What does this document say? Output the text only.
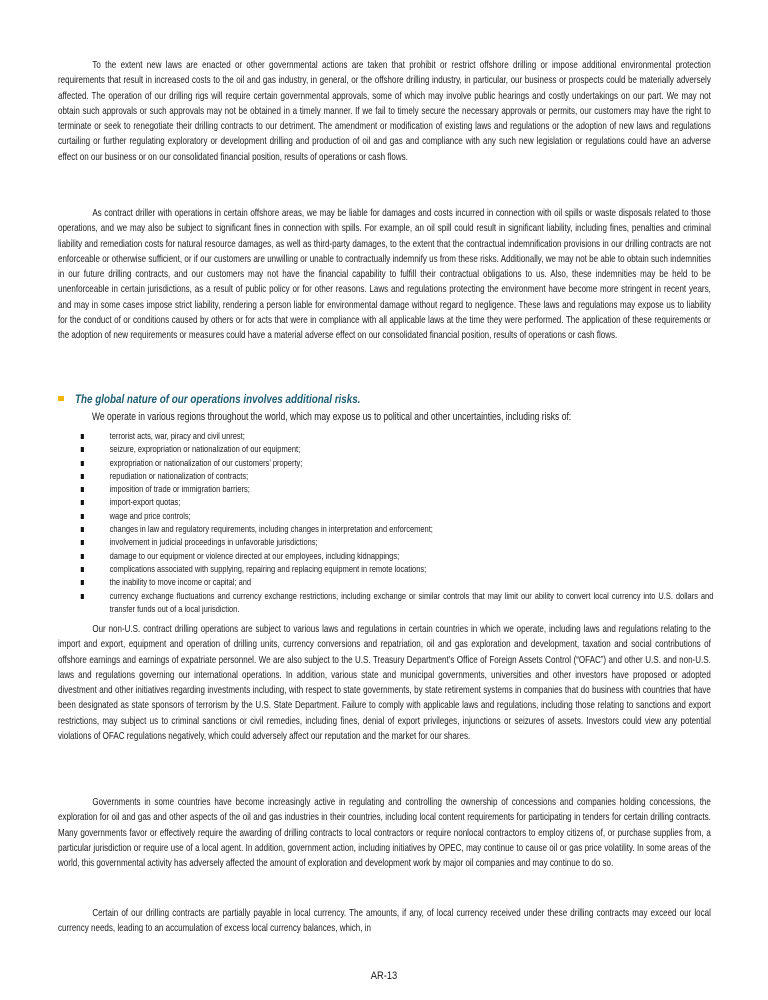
To the extent new laws are enacted or other governmental actions are taken that prohibit or restrict offshore drilling or impose additional environmental protection requirements that result in increased costs to the oil and gas industry, in general, or the offshore drilling industry, in particular, our business or prospects could be materially adversely affected. The operation of our drilling rigs will require certain governmental approvals, some of which may involve public hearings and costly undertakings on our part. We may not obtain such approvals or such approvals may not be obtained in a timely manner. If we fail to timely secure the necessary approvals or permits, our customers may have the right to terminate or seek to renegotiate their drilling contracts to our detriment. The amendment or modification of existing laws and regulations or the adoption of new laws and regulations curtailing or further regulating exploratory or development drilling and production of oil and gas and compliance with any such new legislation or regulations could have an adverse effect on our business or on our consolidated financial position, results of operations or cash flows.

As contract driller with operations in certain offshore areas, we may be liable for damages and costs incurred in connection with oil spills or waste disposals related to those operations, and we may also be subject to significant fines in connection with spills. For example, an oil spill could result in significant liability, including fines, penalties and criminal liability and remediation costs for natural resource damages, as well as third-party damages, to the extent that the contractual indemnification provisions in our drilling contracts are not enforceable or otherwise sufficient, or if our customers are unwilling or unable to contractually indemnify us from these risks. Additionally, we may not be able to obtain such indemnities in our future drilling contracts, and our customers may not have the financial capability to fulfill their contractual obligations to us. Also, these indemnities may be held to be unenforceable in certain jurisdictions, as a result of public policy or for other reasons. Laws and regulations protecting the environment have become more stringent in recent years, and may in some cases impose strict liability, rendering a person liable for environmental damage without regard to negligence. These laws and regulations may expose us to liability for the conduct of or conditions caused by others or for acts that were in compliance with all applicable laws at the time they were performed. The application of these requirements or the adoption of new requirements or measures could have a material adverse effect on our consolidated financial position, results of operations or cash flows.

The global nature of our operations involves additional risks.
We operate in various regions throughout the world, which may expose us to political and other uncertainties, including risks of:
terrorist acts, war, piracy and civil unrest;
seizure, expropriation or nationalization of our equipment;
expropriation or nationalization of our customers’ property;
repudiation or nationalization of contracts;
imposition of trade or immigration barriers;
import-export quotas;
wage and price controls;
changes in law and regulatory requirements, including changes in interpretation and enforcement;
involvement in judicial proceedings in unfavorable jurisdictions;
damage to our equipment or violence directed at our employees, including kidnappings;
complications associated with supplying, repairing and replacing equipment in remote locations;
the inability to move income or capital; and
currency exchange fluctuations and currency exchange restrictions, including exchange or similar controls that may limit our ability to convert local currency into U.S. dollars and transfer funds out of a local jurisdiction.

Our non-U.S. contract drilling operations are subject to various laws and regulations in certain countries in which we operate, including laws and regulations relating to the import and export, equipment and operation of drilling units, currency conversions and repatriation, oil and gas exploration and development, taxation and social contributions of offshore earnings and earnings of expatriate personnel. We are also subject to the U.S. Treasury Department’s Office of Foreign Assets Control (“OFAC”) and other U.S. and non-U.S. laws and regulations governing our international operations. In addition, various state and municipal governments, universities and other investors have proposed or adopted divestment and other initiatives regarding investments including, with respect to state governments, by state retirement systems in companies that do business with countries that have been designated as state sponsors of terrorism by the U.S. State Department. Failure to comply with applicable laws and regulations, including those relating to sanctions and export restrictions, may subject us to criminal sanctions or civil remedies, including fines, denial of export privileges, injunctions or seizures of assets. Investors could view any potential violations of OFAC regulations negatively, which could adversely affect our reputation and the market for our shares.

Governments in some countries have become increasingly active in regulating and controlling the ownership of concessions and companies holding concessions, the exploration for oil and gas and other aspects of the oil and gas industries in their countries, including local content requirements for participating in tenders for certain drilling contracts. Many governments favor or effectively require the awarding of drilling contracts to local contractors or require nonlocal contractors to employ citizens of, or purchase supplies from, a particular jurisdiction or require use of a local agent. In addition, government action, including initiatives by OPEC, may continue to cause oil or gas price volatility. In some areas of the world, this governmental activity has adversely affected the amount of exploration and development work by major oil companies and may continue to do so.

Certain of our drilling contracts are partially payable in local currency. The amounts, if any, of local currency received under these drilling contracts may exceed our local currency needs, leading to an accumulation of excess local currency balances, which, in

AR-13
